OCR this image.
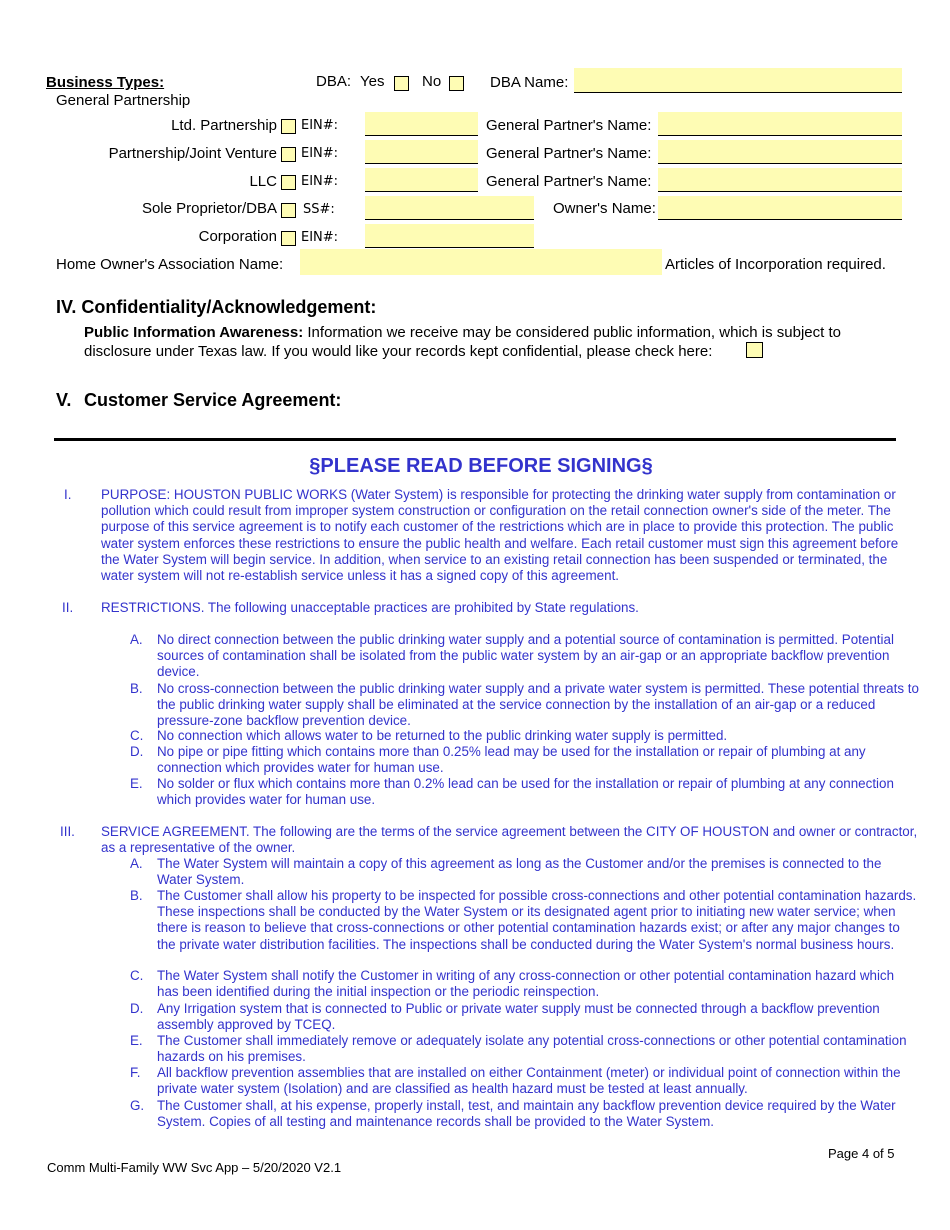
Business Types:	DBA: Yes	No	DBA Name:
General Partnership
Ltd. Partnership EIN#:	General Partner's Name:
Partnership/Joint Venture EIN#:	General Partner's Name:
LLC EIN#:	General Partner's Name:
Sole Proprietor/DBA SS#:	Owner's Name:
Corporation EIN#:
Home Owner's Association Name:	Articles of Incorporation required.
IV. Confidentiality/Acknowledgement:
Public Information Awareness: Information we receive may be considered public information, which is subject to
disclosure under Texas law. If you would like your records kept confidential, please check here:
V. Customer Service Agreement:
§PLEASE READ BEFORE SIGNING§
I. PURPOSE: HOUSTON PUBLIC WORKS (Water System) is responsible for protecting the drinking water supply from contamination or pollution which could result from improper system construction or configuration on the retail connection owner's side of the meter. The purpose of this service agreement is to notify each customer of the restrictions which are in place to provide this protection. The public water system enforces these restrictions to ensure the public health and welfare. Each retail customer must sign this agreement before the Water System will begin service. In addition, when service to an existing retail connection has been suspended or terminated, the water system will not re-establish service unless it has a signed copy of this agreement.
II. RESTRICTIONS. The following unacceptable practices are prohibited by State regulations.
A. No direct connection between the public drinking water supply and a potential source of contamination is permitted. Potential sources of contamination shall be isolated from the public water system by an air-gap or an appropriate backflow prevention device.
B. No cross-connection between the public drinking water supply and a private water system is permitted. These potential threats to the public drinking water supply shall be eliminated at the service connection by the installation of an air-gap or a reduced pressure-zone backflow prevention device.
C. No connection which allows water to be returned to the public drinking water supply is permitted.
D. No pipe or pipe fitting which contains more than 0.25% lead may be used for the installation or repair of plumbing at any connection which provides water for human use.
E. No solder or flux which contains more than 0.2% lead can be used for the installation or repair of plumbing at any connection which provides water for human use.
III. SERVICE AGREEMENT. The following are the terms of the service agreement between the CITY OF HOUSTON and owner or contractor, as a representative of the owner.
A. The Water System will maintain a copy of this agreement as long as the Customer and/or the premises is connected to the Water System.
B. The Customer shall allow his property to be inspected for possible cross-connections and other potential contamination hazards. These inspections shall be conducted by the Water System or its designated agent prior to initiating new water service; when there is reason to believe that cross-connections or other potential contamination hazards exist; or after any major changes to the private water distribution facilities. The inspections shall be conducted during the Water System's normal business hours.
C. The Water System shall notify the Customer in writing of any cross-connection or other potential contamination hazard which has been identified during the initial inspection or the periodic reinspection.
D. Any Irrigation system that is connected to Public or private water supply must be connected through a backflow prevention assembly approved by TCEQ.
E. The Customer shall immediately remove or adequately isolate any potential cross-connections or other potential contamination hazards on his premises.
F. All backflow prevention assemblies that are installed on either Containment (meter) or individual point of connection within the private water system (Isolation) and are classified as health hazard must be tested at least annually.
G. The Customer shall, at his expense, properly install, test, and maintain any backflow prevention device required by the Water System. Copies of all testing and maintenance records shall be provided to the Water System.
Page 4 of 5
Comm Multi-Family WW Svc App – 5/20/2020 V2.1
